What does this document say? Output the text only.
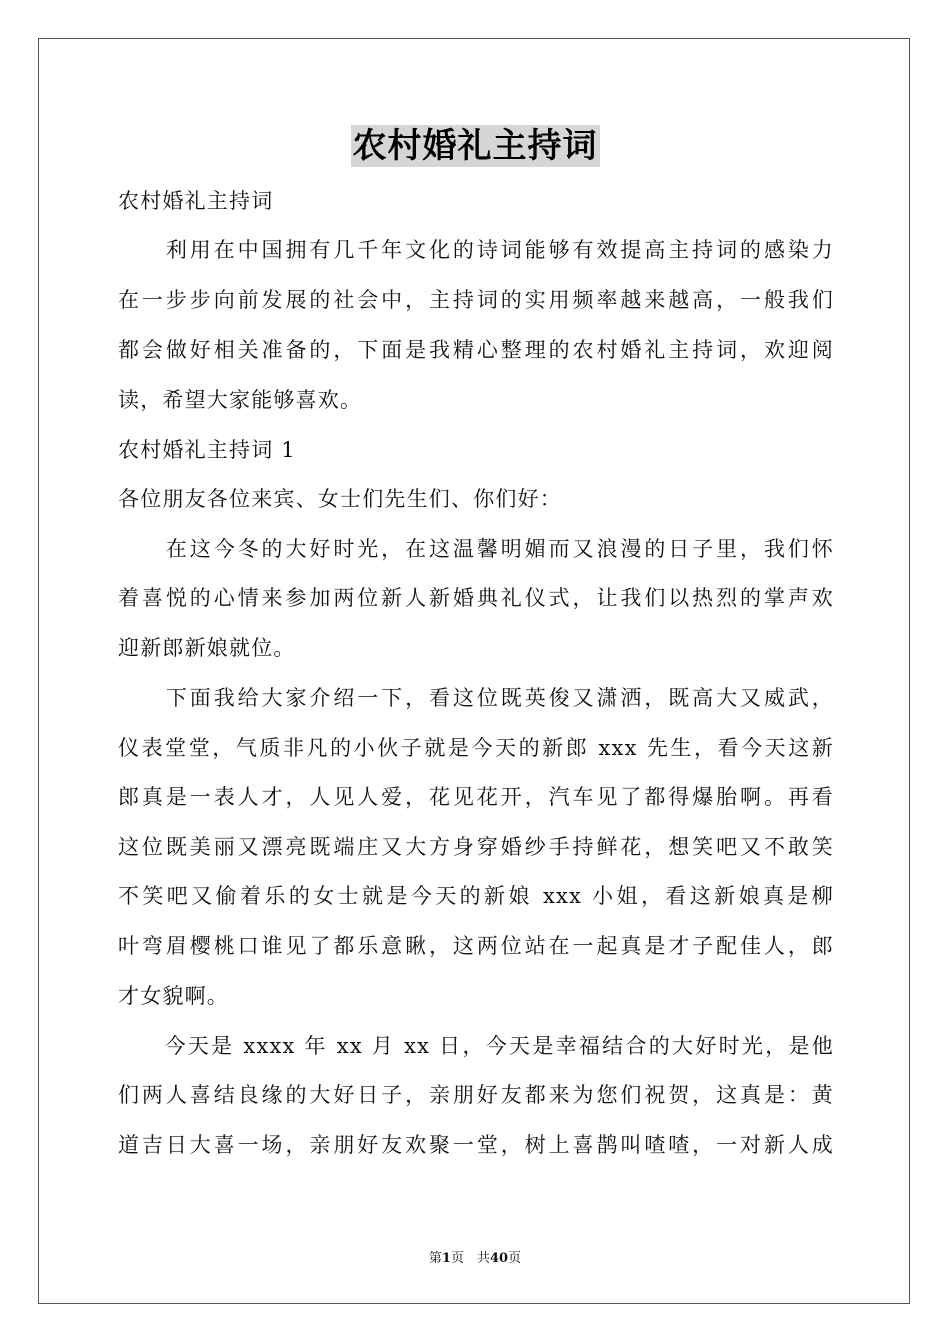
农村婚礼主持词
农村婚礼主持词
　　利用在中国拥有几千年文化的诗词能够有效提高主持词的感染力
在一步步向前发展的社会中，主持词的实用频率越来越高，一般我们
都会做好相关准备的，下面是我精心整理的农村婚礼主持词，欢迎阅
读，希望大家能够喜欢。
农村婚礼主持词 1
各位朋友各位来宾、女士们先生们、你们好：
　　在这今冬的大好时光，在这温馨明媚而又浪漫的日子里，我们怀
着喜悦的心情来参加两位新人新婚典礼仪式，让我们以热烈的掌声欢
迎新郎新娘就位。
　　下面我给大家介绍一下，看这位既英俊又潇洒，既高大又威武，
仪表堂堂，气质非凡的小伙子就是今天的新郎 xxx 先生，看今天这新
郎真是一表人才，人见人爱，花见花开，汽车见了都得爆胎啊。再看
这位既美丽又漂亮既端庄又大方身穿婚纱手持鲜花，想笑吧又不敢笑
不笑吧又偷着乐的女士就是今天的新娘 xxx 小姐，看这新娘真是柳
叶弯眉樱桃口谁见了都乐意瞅，这两位站在一起真是才子配佳人，郎
才女貌啊。
　　今天是 xxxx 年 xx 月 xx 日，今天是幸福结合的大好时光，是他
们两人喜结良缘的大好日子，亲朋好友都来为您们祝贺，这真是：黄
道吉日大喜一场，亲朋好友欢聚一堂，树上喜鹊叫喳喳，一对新人成
第1页　共40页
